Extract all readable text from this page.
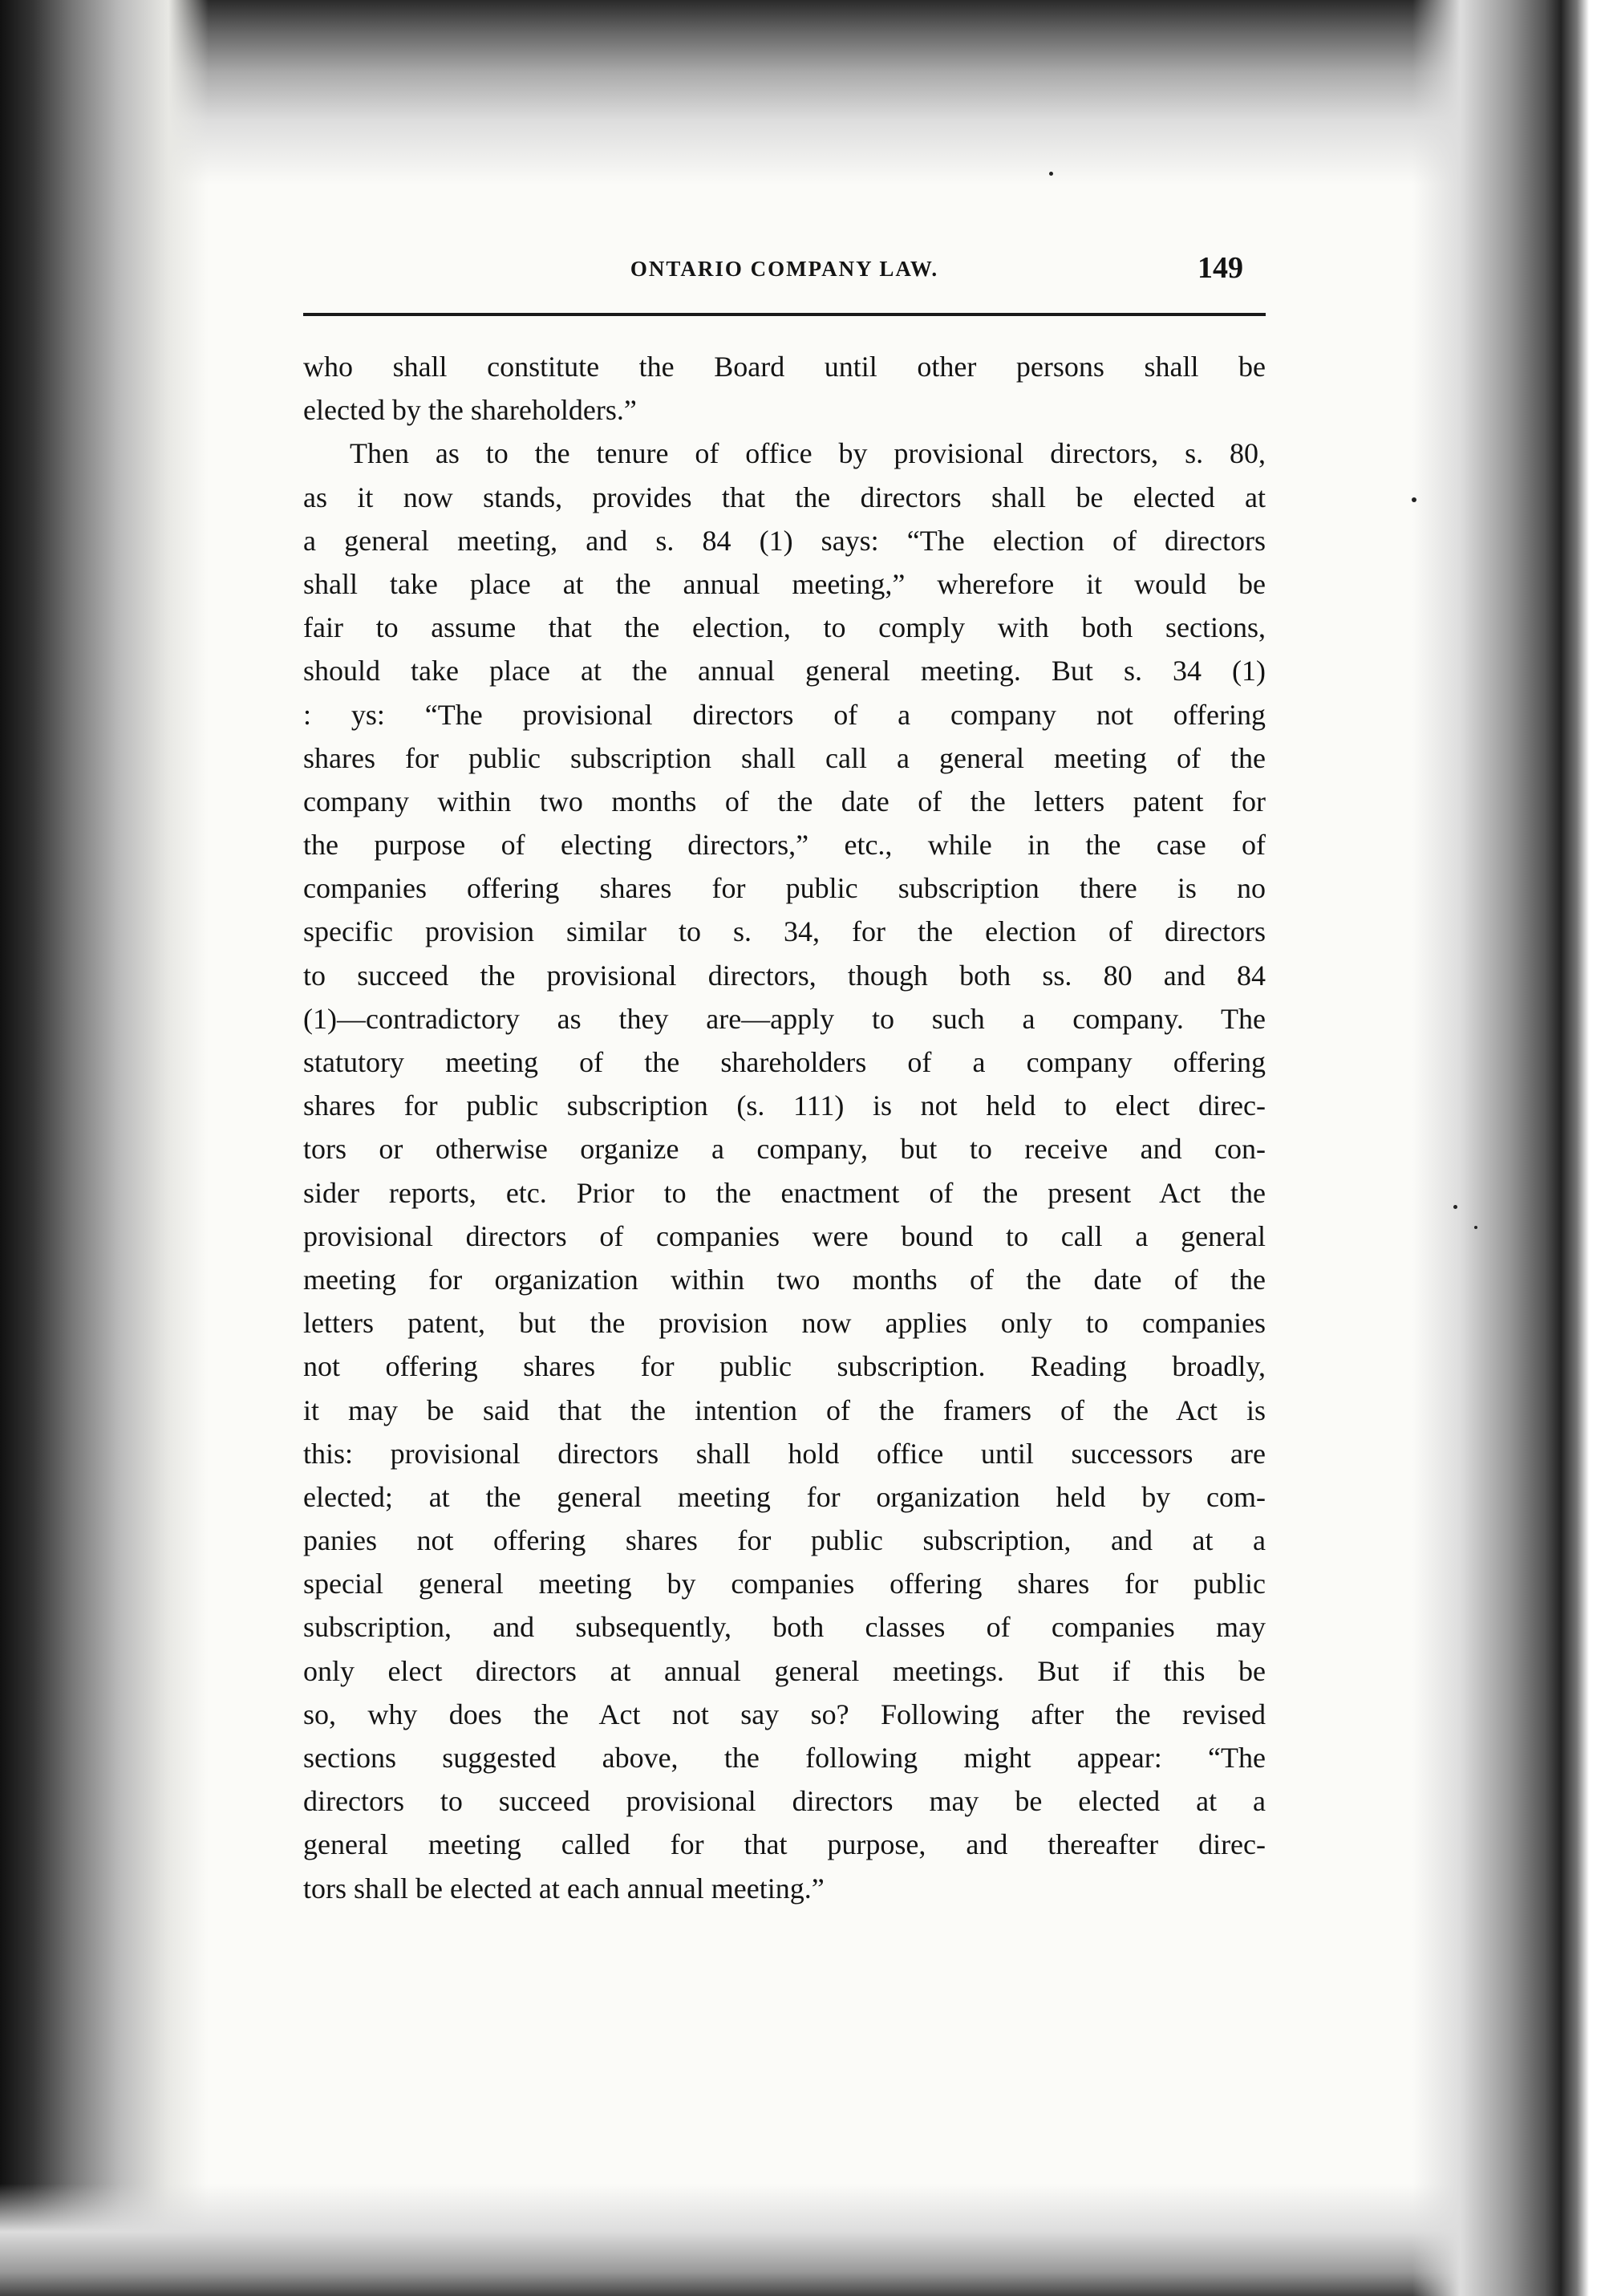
ONTARIO COMPANY LAW.	149
who shall constitute the Board until other persons shall be
elected by the shareholders.”
Then as to the tenure of office by provisional directors, s. 80,
as it now stands, provides that the directors shall be elected at
a general meeting, and s. 84 (1) says: “The election of directors
shall take place at the annual meeting,” wherefore it would be
fair to assume that the election, to comply with both sections,
should take place at the annual general meeting. But s. 34 (1)
: ys: “The provisional directors of a company not offering
shares for public subscription shall call a general meeting of the
company within two months of the date of the letters patent for
the purpose of electing directors,” etc., while in the case of
companies offering shares for public subscription there is no
specific provision similar to s. 34, for the election of directors
to succeed the provisional directors, though both ss. 80 and 84
(1)—contradictory as they are—apply to such a company. The
statutory meeting of the shareholders of a company offering
shares for public subscription (s. 111) is not held to elect direc-
tors or otherwise organize a company, but to receive and con-
sider reports, etc. Prior to the enactment of the present Act the
provisional directors of companies were bound to call a general
meeting for organization within two months of the date of the
letters patent, but the provision now applies only to companies
not offering shares for public subscription. Reading broadly,
it may be said that the intention of the framers of the Act is
this: provisional directors shall hold office until successors are
elected; at the general meeting for organization held by com-
panies not offering shares for public subscription, and at a
special general meeting by companies offering shares for public
subscription, and subsequently, both classes of companies may
only elect directors at annual general meetings. But if this be
so, why does the Act not say so? Following after the revised
sections suggested above, the following might appear: “The
directors to succeed provisional directors may be elected at a
general meeting called for that purpose, and thereafter direc-
tors shall be elected at each annual meeting.”
